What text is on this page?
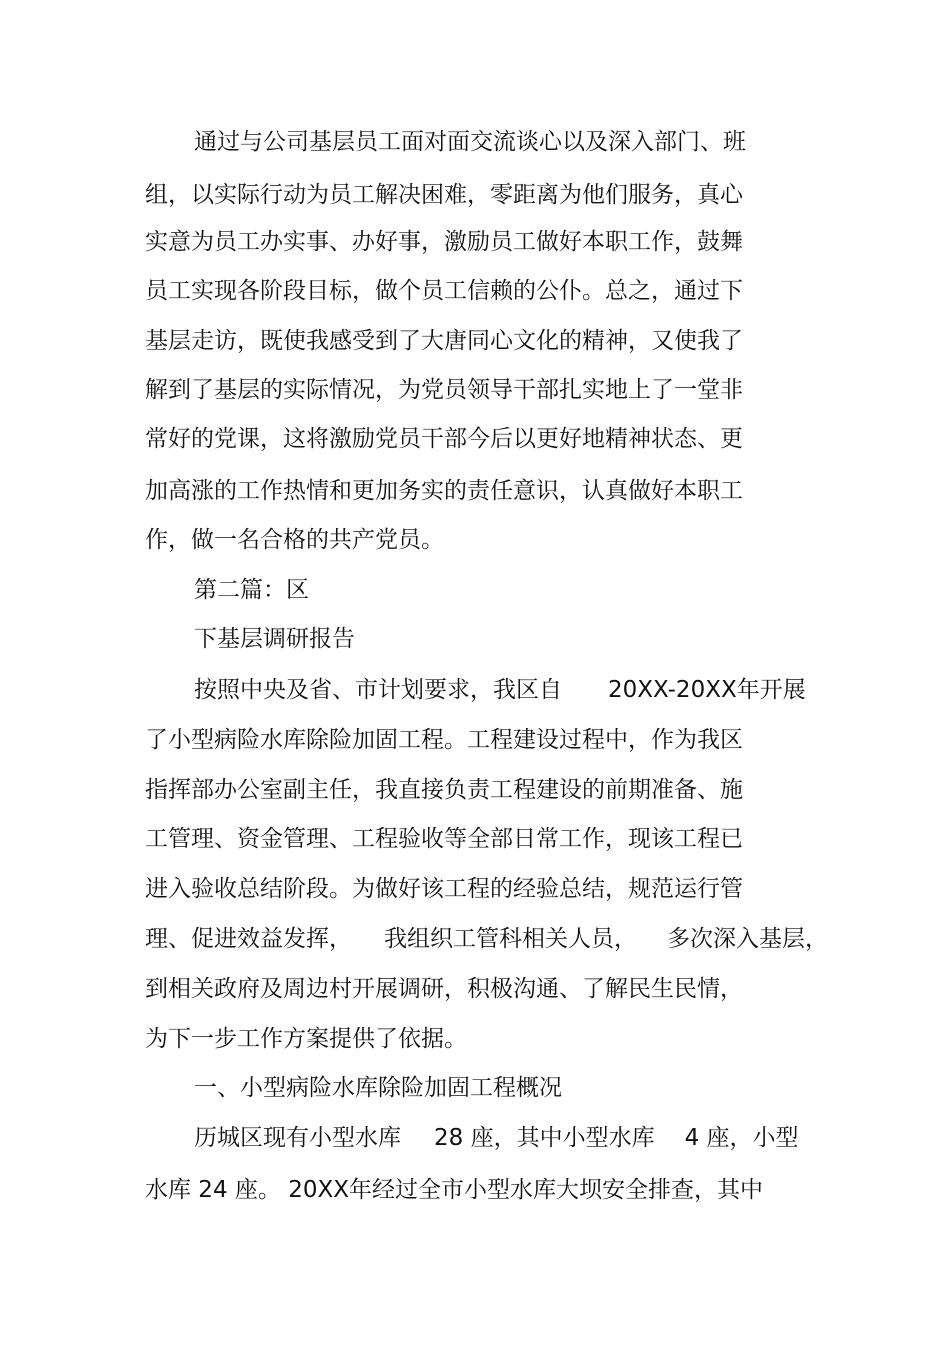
通过与公司基层员工面对面交流谈心以及深入部门、班
组，以实际行动为员工解决困难，零距离为他们服务，真心
实意为员工办实事、办好事，激励员工做好本职工作，鼓舞
员工实现各阶段目标，做个员工信赖的公仆。总之，通过下
基层走访，既使我感受到了大唐同心文化的精神，又使我了
解到了基层的实际情况，为党员领导干部扎实地上了一堂非
常好的党课，这将激励党员干部今后以更好地精神状态、更
加高涨的工作热情和更加务实的责任意识，认真做好本职工
作，做一名合格的共产党员。
第二篇：区
下基层调研报告
按照中央及省、市计划要求，我区自 20XX-20XX年开展
了小型病险水库除险加固工程。工程建设过程中，作为我区
指挥部办公室副主任，我直接负责工程建设的前期准备、施
工管理、资金管理、工程验收等全部日常工作，现该工程已
进入验收总结阶段。为做好该工程的经验总结，规范运行管
理、促进效益发挥， 我组织工管科相关人员， 多次深入基层，
到相关政府及周边村开展调研，积极沟通、了解民生民情，
为下一步工作方案提供了依据。
一、小型病险水库除险加固工程概况
历城区现有小型水库 28 座，其中小型水库 4 座，小型
水库 24 座。 20XX年经过全市小型水库大坝安全排查，其中
